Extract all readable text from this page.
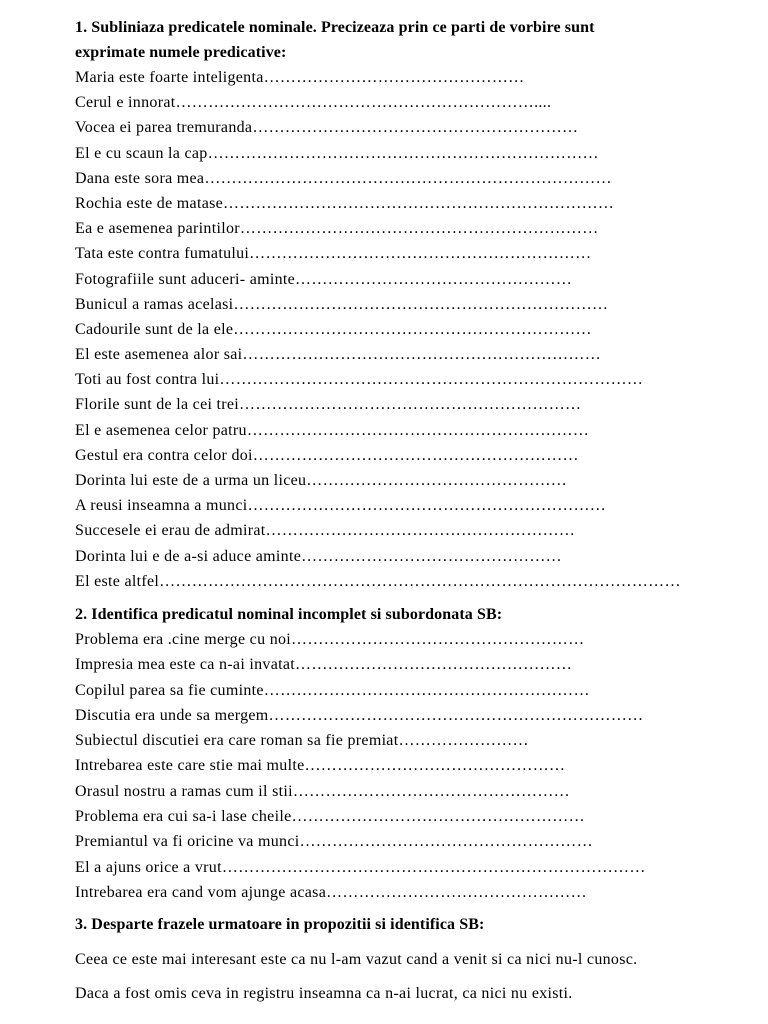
1. Subliniaza predicatele nominale. Precizeaza prin ce parti de vorbire sunt
exprimate numele predicative:
Maria este foarte inteligenta…………………………………………
Cerul e innorat…………………………………………………………....
Vocea ei parea tremuranda……………………………………………………
El e cu scaun la cap………………………………………………………………
Dana este sora mea…………………………………………………………………
Rochia este de matase………………………………………………………………
Ea e asemenea parintilor…………………………………………………………
Tata este contra fumatului………………………………………………………
Fotografiile sunt aduceri- aminte……………………………………………
Bunicul a ramas acelasi……………………………………………………………
Cadourile sunt de la ele…………………………………………………………
El este asemenea alor sai…………………………………………………………
Toti au fost contra lui……………………………………………………………………
Florile sunt de la cei trei………………………………………………………
El e asemenea celor patru………………………………………………………
Gestul era contra celor doi……………………………………………………
Dorinta lui este de a urma un liceu…………………………………………
A reusi inseamna a munci…………………………………………………………
Succesele ei erau de admirat…………………………………………………
Dorinta lui e de a-si aduce aminte…………………………………………
El este altfel……………………………………………………………………………………
2. Identifica predicatul nominal incomplet si subordonata SB:
Problema era .cine merge cu noi………………………………………………
Impresia mea este ca n-ai invatat……………………………………………
Copilul parea sa fie cuminte……………………………………………………
Discutia era unde sa mergem……………………………………………………………
Subiectul discutiei era care roman sa fie premiat……………………
Intrebarea este care stie mai multe…………………………………………
Orasul nostru a ramas cum il stii……………………………………………
Problema era cui sa-i lase cheile………………………………………………
Premiantul va fi oricine va munci………………………………………………
El a ajuns orice a vrut……………………………………………………………………
Intrebarea era cand vom ajunge acasa…………………………………………
3. Desparte frazele urmatoare in propozitii si identifica SB:
Ceea ce este mai interesant este ca nu l-am vazut cand a venit si ca nici nu-l cunosc.
Daca a fost omis ceva in registru inseamna ca n-ai lucrat, ca nici nu existi.
